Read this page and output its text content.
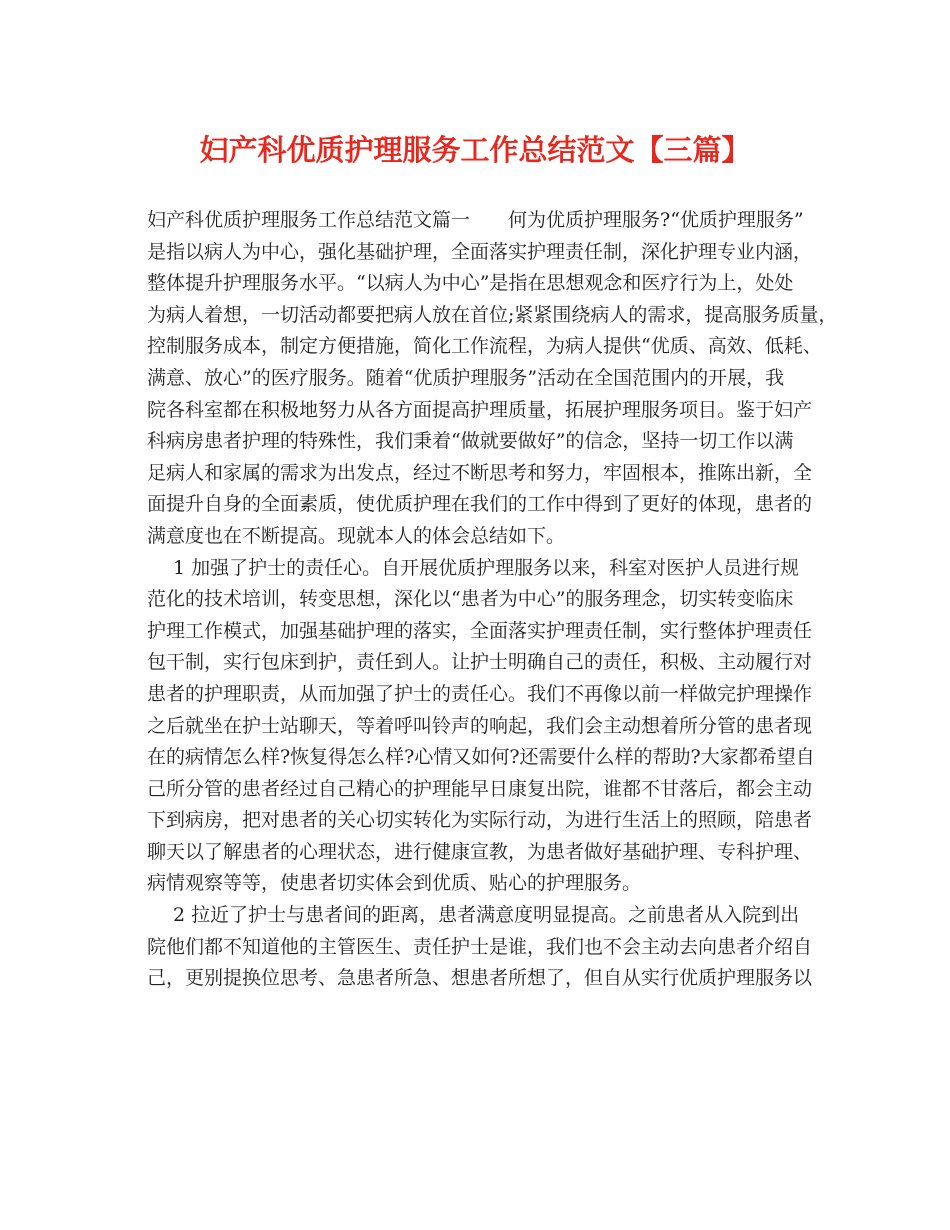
妇产科优质护理服务工作总结范文【三篇】

妇产科优质护理服务工作总结范文篇一　　何为优质护理服务?“优质护理服务”

是指以病人为中心，强化基础护理，全面落实护理责任制，深化护理专业内涵，

整体提升护理服务水平。“以病人为中心”是指在思想观念和医疗行为上，处处

为病人着想，一切活动都要把病人放在首位;紧紧围绕病人的需求，提高服务质量，

控制服务成本，制定方便措施，简化工作流程，为病人提供“优质、高效、低耗、

满意、放心”的医疗服务。随着“优质护理服务”活动在全国范围内的开展，我

院各科室都在积极地努力从各方面提高护理质量，拓展护理服务项目。鉴于妇产

科病房患者护理的特殊性，我们秉着“做就要做好”的信念，坚持一切工作以满

足病人和家属的需求为出发点，经过不断思考和努力，牢固根本，推陈出新，全

面提升自身的全面素质，使优质护理在我们的工作中得到了更好的体现，患者的

满意度也在不断提高。现就本人的体会总结如下。

1 加强了护士的责任心。自开展优质护理服务以来，科室对医护人员进行规

范化的技术培训，转变思想，深化以“患者为中心”的服务理念，切实转变临床

护理工作模式，加强基础护理的落实，全面落实护理责任制，实行整体护理责任

包干制，实行包床到护，责任到人。让护士明确自己的责任，积极、主动履行对

患者的护理职责，从而加强了护士的责任心。我们不再像以前一样做完护理操作

之后就坐在护士站聊天，等着呼叫铃声的响起，我们会主动想着所分管的患者现

在的病情怎么样?恢复得怎么样?心情又如何?还需要什么样的帮助?大家都希望自

己所分管的患者经过自己精心的护理能早日康复出院，谁都不甘落后，都会主动

下到病房，把对患者的关心切实转化为实际行动，为进行生活上的照顾，陪患者

聊天以了解患者的心理状态，进行健康宣教，为患者做好基础护理、专科护理、

病情观察等等，使患者切实体会到优质、贴心的护理服务。

2 拉近了护士与患者间的距离，患者满意度明显提高。之前患者从入院到出

院他们都不知道他的主管医生、责任护士是谁，我们也不会主动去向患者介绍自

己，更别提换位思考、急患者所急、想患者所想了，但自从实行优质护理服务以
